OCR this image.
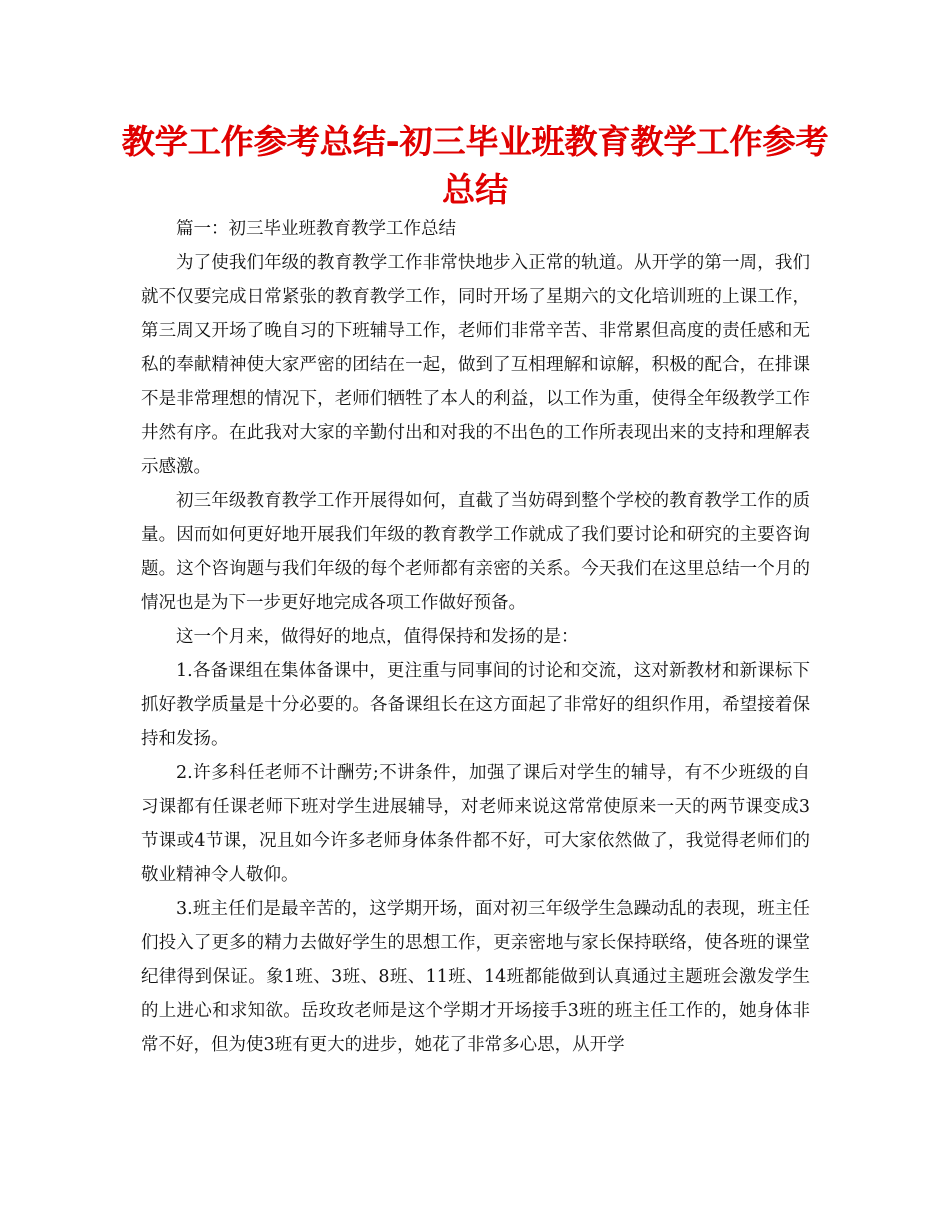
教学工作参考总结-初三毕业班教育教学工作参考总结

篇一：初三毕业班教育教学工作总结

为了使我们年级的教育教学工作非常快地步入正常的轨道。从开学的第一周，我们就不仅要完成日常紧张的教育教学工作，同时开场了星期六的文化培训班的上课工作，第三周又开场了晚自习的下班辅导工作，老师们非常辛苦、非常累但高度的责任感和无私的奉献精神使大家严密的团结在一起，做到了互相理解和谅解，积极的配合，在排课不是非常理想的情况下，老师们牺牲了本人的利益，以工作为重，使得全年级教学工作井然有序。在此我对大家的辛勤付出和对我的不出色的工作所表现出来的支持和理解表示感激。

初三年级教育教学工作开展得如何，直截了当妨碍到整个学校的教育教学工作的质量。因而如何更好地开展我们年级的教育教学工作就成了我们要讨论和研究的主要咨询题。这个咨询题与我们年级的每个老师都有亲密的关系。今天我们在这里总结一个月的情况也是为下一步更好地完成各项工作做好预备。

这一个月来，做得好的地点，值得保持和发扬的是：

1.各备课组在集体备课中，更注重与同事间的讨论和交流，这对新教材和新课标下抓好教学质量是十分必要的。各备课组长在这方面起了非常好的组织作用，希望接着保持和发扬。

2.许多科任老师不计酬劳;不讲条件，加强了课后对学生的辅导，有不少班级的自习课都有任课老师下班对学生进展辅导，对老师来说这常常使原来一天的两节课变成3节课或4节课，况且如今许多老师身体条件都不好，可大家依然做了，我觉得老师们的敬业精神令人敬仰。

3.班主任们是最辛苦的，这学期开场，面对初三年级学生急躁动乱的表现，班主任们投入了更多的精力去做好学生的思想工作，更亲密地与家长保持联络，使各班的课堂纪律得到保证。象1班、3班、8班、11班、14班都能做到认真通过主题班会激发学生的上进心和求知欲。岳玫玫老师是这个学期才开场接手3班的班主任工作的，她身体非常不好，但为使3班有更大的进步，她花了非常多心思，从开学
